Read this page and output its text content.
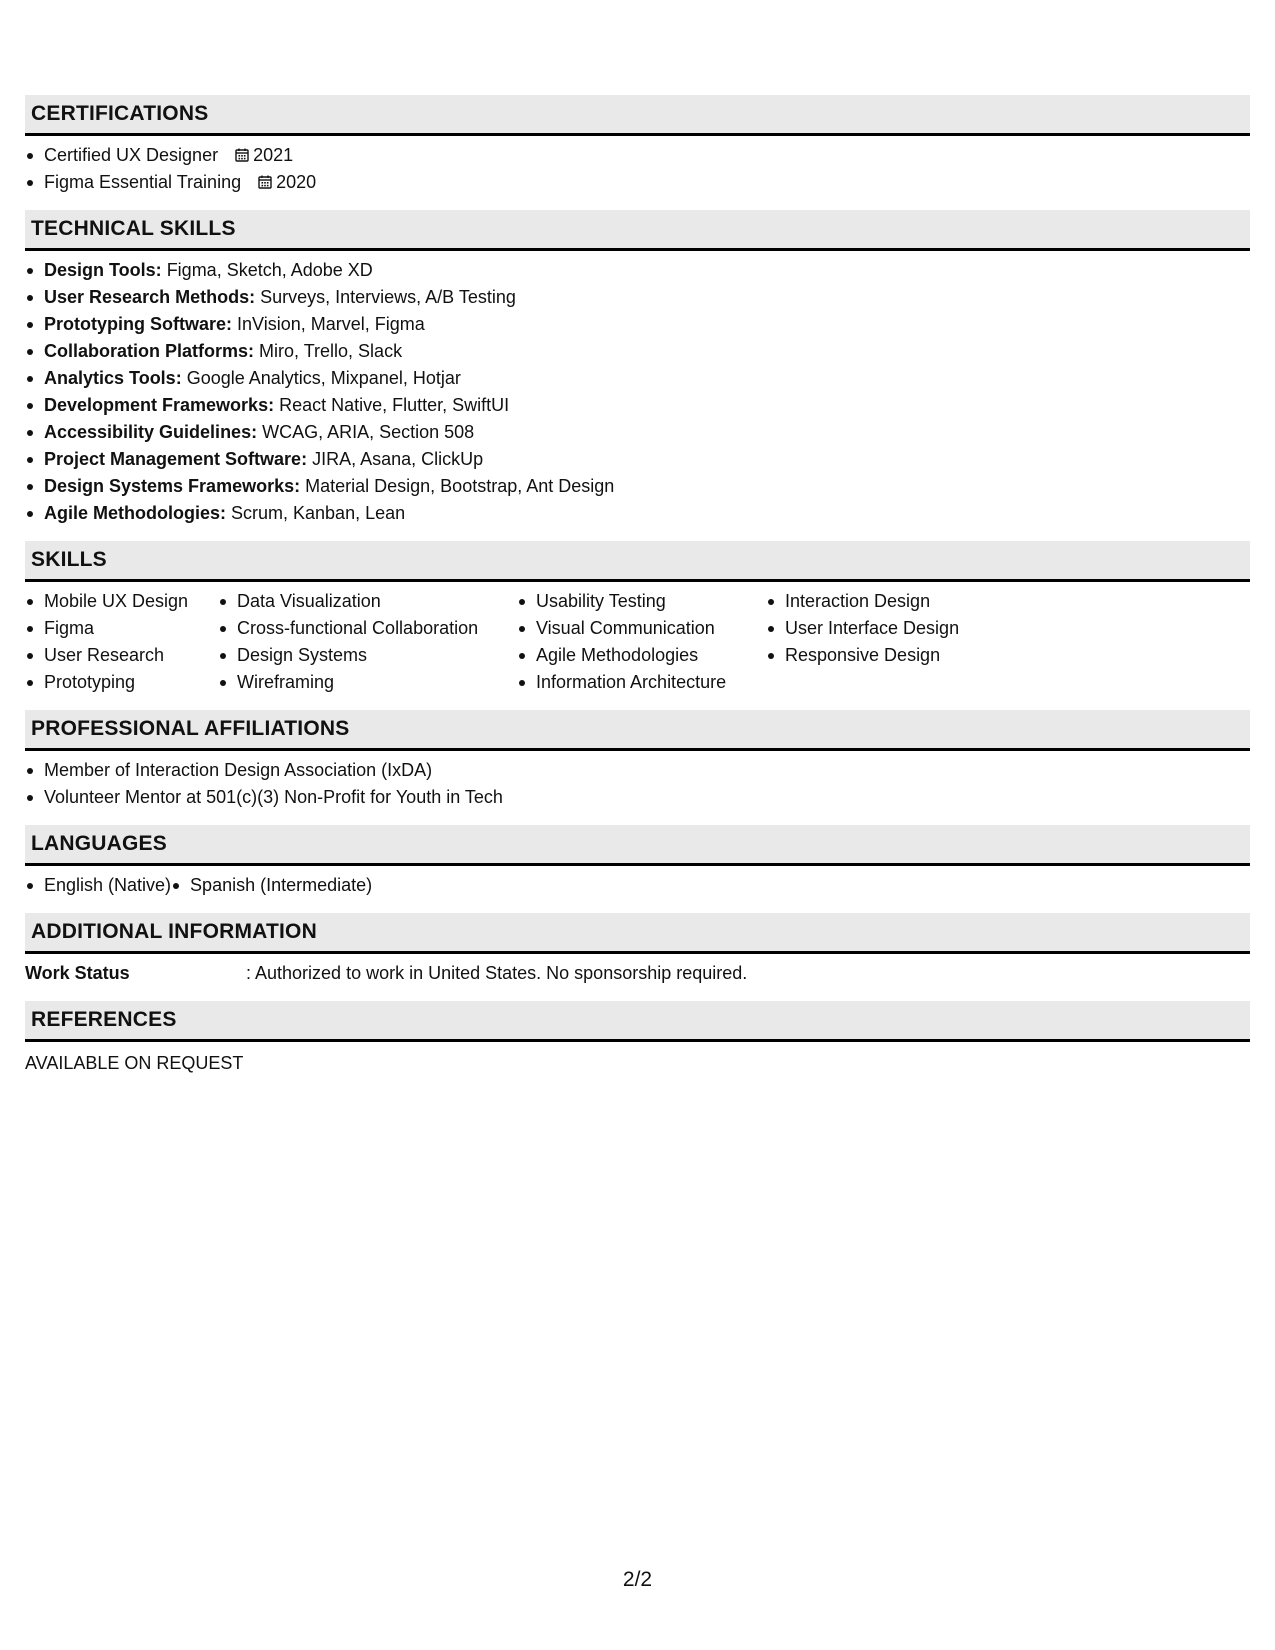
CERTIFICATIONS
Certified UX Designer 2021
Figma Essential Training 2020
TECHNICAL SKILLS
Design Tools: Figma, Sketch, Adobe XD
User Research Methods: Surveys, Interviews, A/B Testing
Prototyping Software: InVision, Marvel, Figma
Collaboration Platforms: Miro, Trello, Slack
Analytics Tools: Google Analytics, Mixpanel, Hotjar
Development Frameworks: React Native, Flutter, SwiftUI
Accessibility Guidelines: WCAG, ARIA, Section 508
Project Management Software: JIRA, Asana, ClickUp
Design Systems Frameworks: Material Design, Bootstrap, Ant Design
Agile Methodologies: Scrum, Kanban, Lean
SKILLS
Mobile UX Design
Figma
User Research
Prototyping
Data Visualization
Cross-functional Collaboration
Design Systems
Wireframing
Usability Testing
Visual Communication
Agile Methodologies
Information Architecture
Interaction Design
User Interface Design
Responsive Design
PROFESSIONAL AFFILIATIONS
Member of Interaction Design Association (IxDA)
Volunteer Mentor at 501(c)(3) Non-Profit for Youth in Tech
LANGUAGES
English (Native)	Spanish (Intermediate)
ADDITIONAL INFORMATION
Work Status	: Authorized to work in United States. No sponsorship required.
REFERENCES
AVAILABLE ON REQUEST
2/2
